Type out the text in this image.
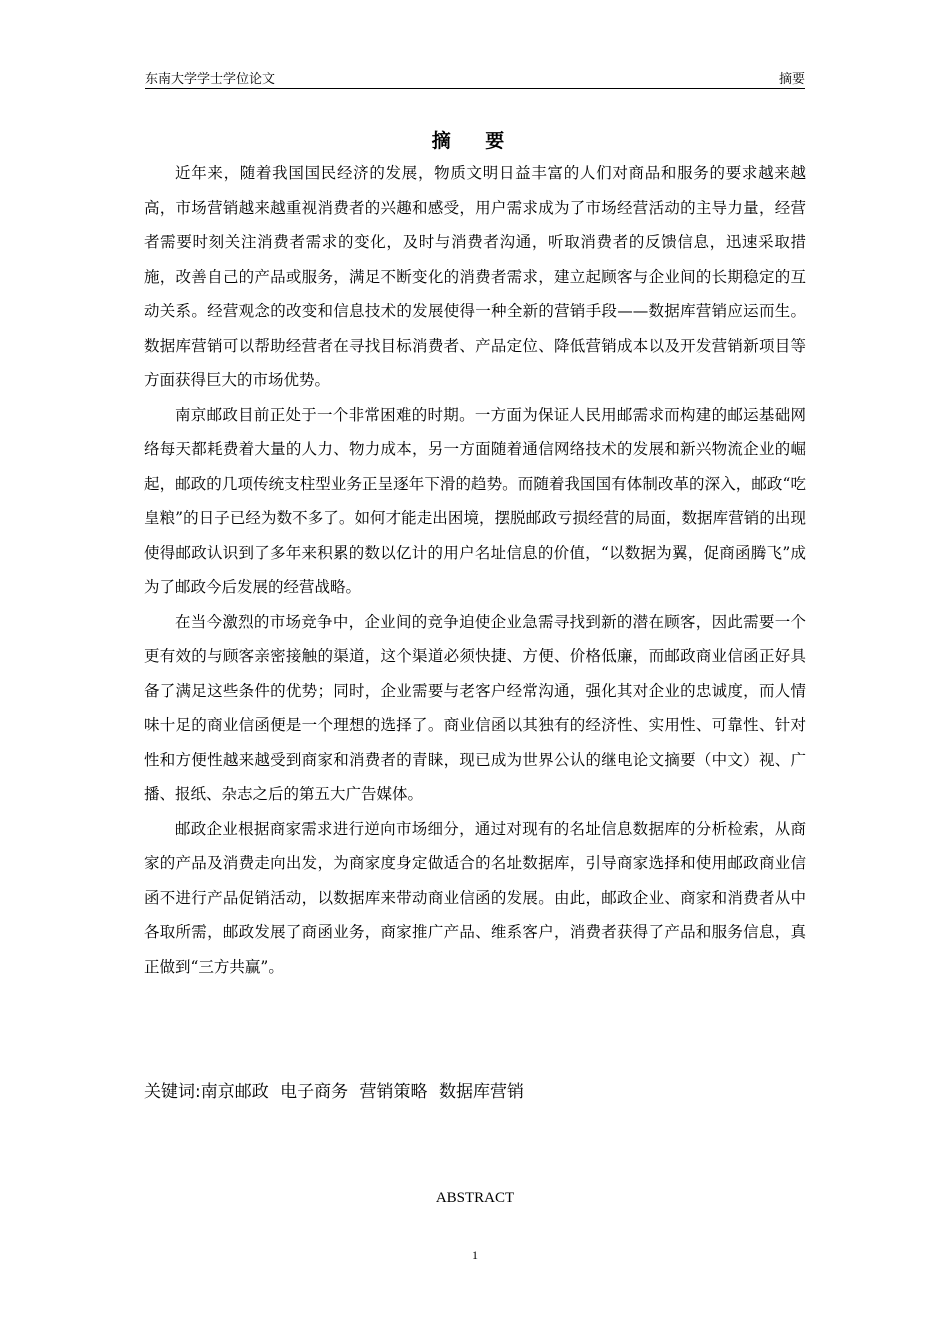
东南大学学士学位论文	摘要
摘 要

近年来，随着我国国民经济的发展，物质文明日益丰富的人们对商品和服务的要求越来越高，市场营销越来越重视消费者的兴趣和感受，用户需求成为了市场经营活动的主导力量，经营者需要时刻关注消费者需求的变化，及时与消费者沟通，听取消费者的反馈信息，迅速采取措施，改善自己的产品或服务，满足不断变化的消费者需求，建立起顾客与企业间的长期稳定的互动关系。经营观念的改变和信息技术的发展使得一种全新的营销手段——数据库营销应运而生。数据库营销可以帮助经营者在寻找目标消费者、产品定位、降低营销成本以及开发营销新项目等方面获得巨大的市场优势。

南京邮政目前正处于一个非常困难的时期。一方面为保证人民用邮需求而构建的邮运基础网络每天都耗费着大量的人力、物力成本，另一方面随着通信网络技术的发展和新兴物流企业的崛起，邮政的几项传统支柱型业务正呈逐年下滑的趋势。而随着我国国有体制改革的深入，邮政“吃皇粮”的日子已经为数不多了。如何才能走出困境，摆脱邮政亏损经营的局面，数据库营销的出现使得邮政认识到了多年来积累的数以亿计的用户名址信息的价值，“以数据为翼，促商函腾飞”成为了邮政今后发展的经营战略。

在当今激烈的市场竞争中，企业间的竞争迫使企业急需寻找到新的潜在顾客，因此需要一个更有效的与顾客亲密接触的渠道，这个渠道必须快捷、方便、价格低廉，而邮政商业信函正好具备了满足这些条件的优势；同时，企业需要与老客户经常沟通，强化其对企业的忠诚度，而人情味十足的商业信函便是一个理想的选择了。商业信函以其独有的经济性、实用性、可靠性、针对性和方便性越来越受到商家和消费者的青睐，现已成为世界公认的继电论文摘要（中文）视、广播、报纸、杂志之后的第五大广告媒体。

邮政企业根据商家需求进行逆向市场细分，通过对现有的名址信息数据库的分析检索，从商家的产品及消费走向出发，为商家度身定做适合的名址数据库，引导商家选择和使用邮政商业信函不进行产品促销活动，以数据库来带动商业信函的发展。由此，邮政企业、商家和消费者从中各取所需，邮政发展了商函业务，商家推广产品、维系客户，消费者获得了产品和服务信息，真正做到“三方共赢”。

关键词:南京邮政 电子商务 营销策略 数据库营销
ABSTRACT
1
